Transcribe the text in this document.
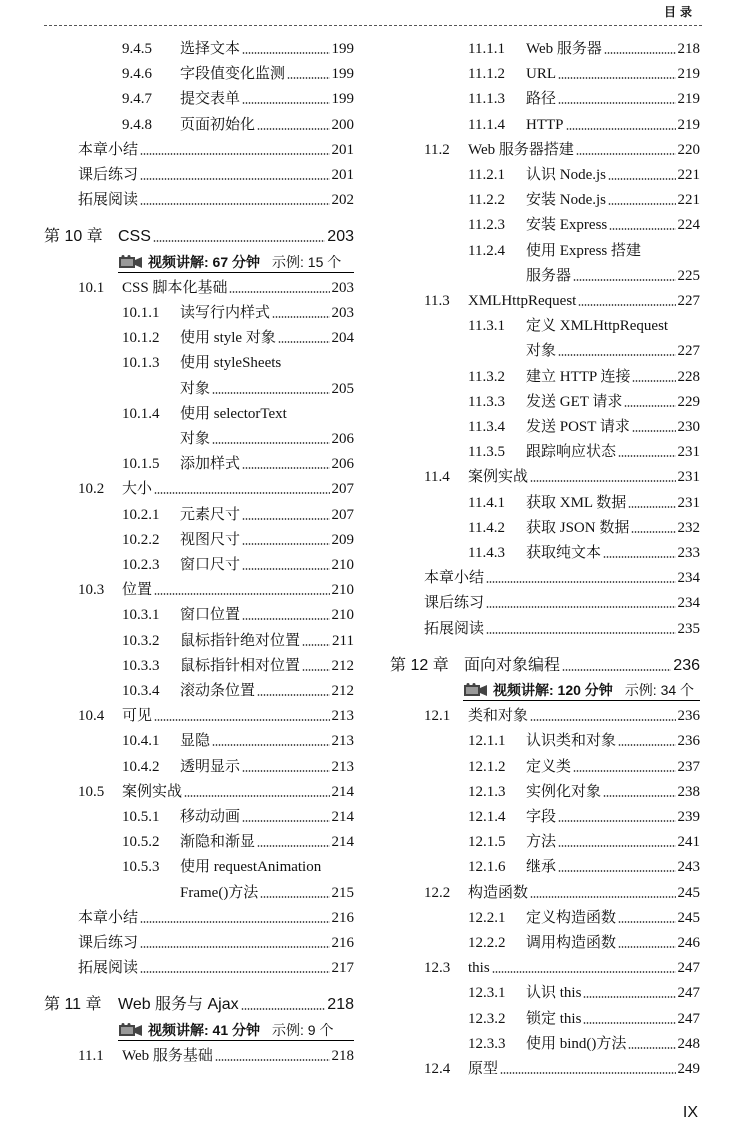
目录
9.4.5	选择文本	199
9.4.6	字段值变化监测	199
9.4.7	提交表单	199
9.4.8	页面初始化	200
本章小结	201
课后练习	201
拓展阅读	202
第 10 章 CSS	203
视频讲解: 67 分钟 示例: 15 个
10.1	CSS 脚本化基础	203
10.1.1	读写行内样式	203
10.1.2	使用 style 对象	204
10.1.3	使用 styleSheets
对象	205
10.1.4	使用 selectorText
对象	206
10.1.5	添加样式	206
10.2	大小	207
10.2.1	元素尺寸	207
10.2.2	视图尺寸	209
10.2.3	窗口尺寸	210
10.3	位置	210
10.3.1	窗口位置	210
10.3.2	鼠标指针绝对位置 211
10.3.3	鼠标指针相对位置 212
10.3.4	滚动条位置	212
10.4	可见	213
10.4.1	显隐	213
10.4.2	透明显示	213
10.5	案例实战	214
10.5.1	移动动画	214
10.5.2	渐隐和渐显	214
10.5.3	使用 requestAnimation
Frame()方法	215
本章小结	216
课后练习	216
拓展阅读	217
第 11 章	Web 服务与 Ajax	218
视频讲解: 41 分钟 示例: 9 个
11.1	Web 服务基础	218
11.1.1	Web 服务器	218
11.1.2	URL	219
11.1.3	路径	219
11.1.4	HTTP	219
11.2	Web 服务器搭建	220
11.2.1	认识 Node.js	221
11.2.2	安装 Node.js	221
11.2.3	安装 Express	224
11.2.4	使用 Express 搭建
服务器	225
11.3	XMLHttpRequest	227
11.3.1	定义 XMLHttpRequest
对象	227
11.3.2	建立 HTTP 连接	228
11.3.3	发送 GET 请求	229
11.3.4	发送 POST 请求	230
11.3.5	跟踪响应状态	231
11.4	案例实战	231
11.4.1	获取 XML 数据	231
11.4.2	获取 JSON 数据	232
11.4.3	获取纯文本	233
本章小结	234
课后练习	234
拓展阅读	235
第 12 章 面向对象编程	236
视频讲解: 120 分钟 示例: 34 个
12.1	类和对象	236
12.1.1	认识类和对象	236
12.1.2	定义类	237
12.1.3	实例化对象	238
12.1.4	字段	239
12.1.5	方法	241
12.1.6	继承	243
12.2	构造函数	245
12.2.1	定义构造函数	245
12.2.2	调用构造函数	246
12.3	this	247
12.3.1	认识 this	247
12.3.2	锁定 this	247
12.3.3	使用 bind()方法	248
12.4	原型	249
IX
